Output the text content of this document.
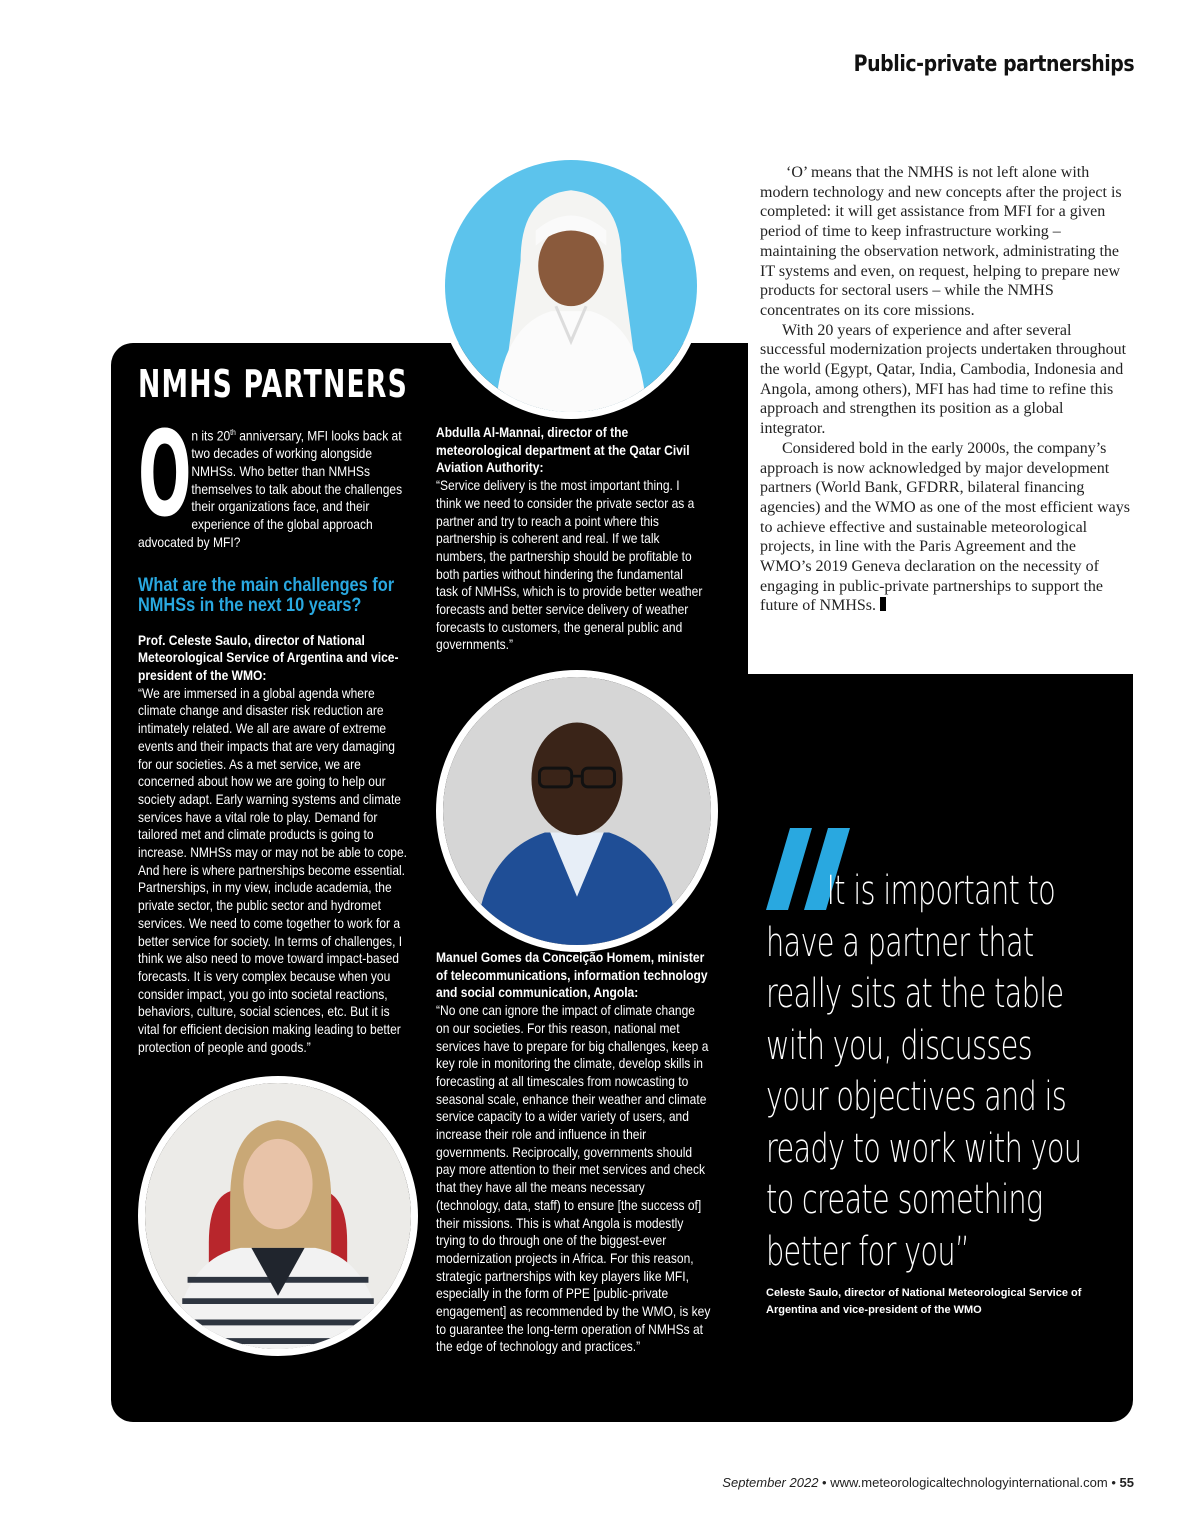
Public-private partnerships

‘O’ means that the NMHS is not left alone with modern technology and new concepts after the project is completed: it will get assistance from MFI for a given period of time to keep infrastructure working – maintaining the observation network, administrating the IT systems and even, on request, helping to prepare new products for sectoral users – while the NMHS concentrates on its core missions.

With 20 years of experience and after several successful modernization projects undertaken throughout the world (Egypt, Qatar, India, Cambodia, Indonesia and Angola, among others), MFI has had time to refine this approach and strengthen its position as a global integrator.

Considered bold in the early 2000s, the company’s approach is now acknowledged by major development partners (World Bank, GFDRR, bilateral financing agencies) and the WMO as one of the most efficient ways to achieve effective and sustainable meteorological projects, in line with the Paris Agreement and the WMO’s 2019 Geneva declaration on the necessity of engaging in public-private partnerships to support the future of NMHSs.

NMHS PARTNERS

On its 20th anniversary, MFI looks back at two decades of working alongside NMHSs. Who better than NMHSs themselves to talk about the challenges their organizations face, and their experience of the global approach advocated by MFI?

What are the main challenges for NMHSs in the next 10 years?

Prof. Celeste Saulo, director of National Meteorological Service of Argentina and vice-president of the WMO:

“We are immersed in a global agenda where climate change and disaster risk reduction are intimately related. We all are aware of extreme events and their impacts that are very damaging for our societies. As a met service, we are concerned about how we are going to help our society adapt. Early warning systems and climate services have a vital role to play. Demand for tailored met and climate products is going to increase. NMHSs may or may not be able to cope. And here is where partnerships become essential. Partnerships, in my view, include academia, the private sector, the public sector and hydromet services. We need to come together to work for a better service for society. In terms of challenges, I think we also need to move toward impact-based forecasts. It is very complex because when you consider impact, you go into societal reactions, behaviors, culture, social sciences, etc. But it is vital for efficient decision making leading to better protection of people and goods.”

Abdulla Al-Mannai, director of the meteorological department at the Qatar Civil Aviation Authority:

“Service delivery is the most important thing. I think we need to consider the private sector as a partner and try to reach a point where this partnership is coherent and real. If we talk numbers, the partnership should be profitable to both parties without hindering the fundamental task of NMHSs, which is to provide better weather forecasts and better service delivery of weather forecasts to customers, the general public and governments.”

Manuel Gomes da Conceição Homem, minister of telecommunications, information technology and social communication, Angola:

“No one can ignore the impact of climate change on our societies. For this reason, national met services have to prepare for big challenges, keep a key role in monitoring the climate, develop skills in forecasting at all timescales from nowcasting to seasonal scale, enhance their weather and climate service capacity to a wider variety of users, and increase their role and influence in their governments. Reciprocally, governments should pay more attention to their met services and check that they have all the means necessary (technology, data, staff) to ensure [the success of] their missions. This is what Angola is modestly trying to do through one of the biggest-ever modernization projects in Africa. For this reason, strategic partnerships with key players like MFI, especially in the form of PPE [public-private engagement] as recommended by the WMO, is key to guarantee the long-term operation of NMHSs at the edge of technology and practices.”

It is important to
have a partner that
really sits at the table
with you, discusses
your objectives and is
ready to work with you
to create something
better for you”
Celeste Saulo, director of National Meteorological Service of Argentina and vice-president of the WMO
September 2022 • www.meteorologicaltechnologyinternational.com • 55
